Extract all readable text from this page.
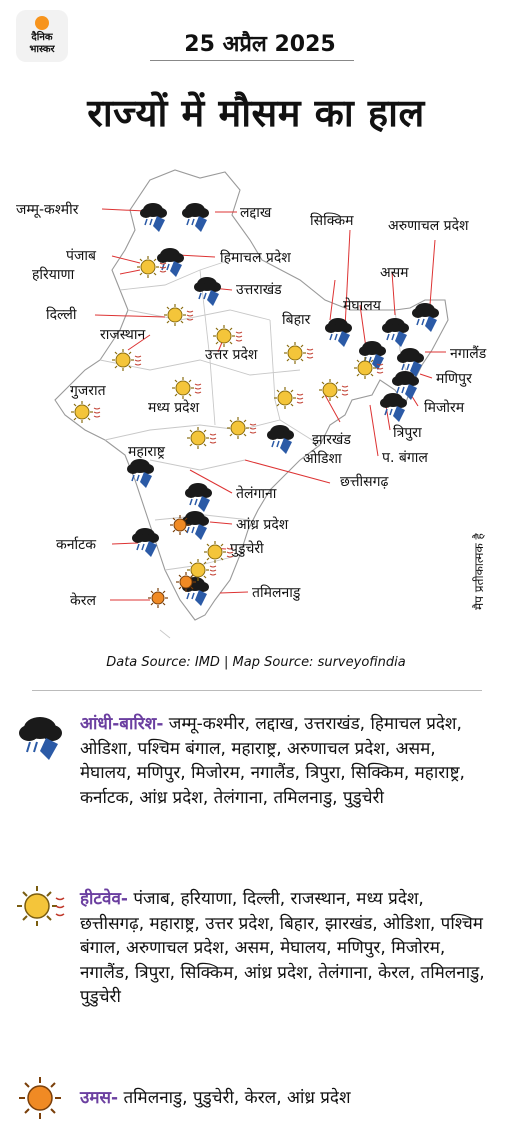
दैनिक
भास्कर	25 अप्रैल 2025
राज्यों में मौसम का हाल
जम्मू-कश्मीर	लद्दाख
पंजाब	हिमाचल प्रदेश
हरियाणा
उत्तराखंड
दिल्ली
राजस्थान
उत्तर प्रदेश
गुजरात
मध्य प्रदेश
महाराष्ट्र
झारखंड
ओडिशा
छत्तीसगढ़
तेलंगाना
आंध्र प्रदेश
कर्नाटक	पुडुचेरी
केरल	तमिलनाडु
सिक्किम अरुणाचल प्रदेश
असम
मेघालय
बिहार
नगालैंड
मणिपुर
मिजोरम
त्रिपुरा
प. बंगाल
मैप प्रतीकात्मक है
Data Source: IMD | Map Source: surveyofindia
आंधी-बारिश- जम्मू-कश्मीर, लद्दाख, उत्तराखंड, हिमाचल प्रदेश, ओडिशा, पश्चिम बंगाल, महाराष्ट्र, अरुणाचल प्रदेश, असम, मेघालय, मणिपुर, मिजोरम, नगालैंड, त्रिपुरा, सिक्किम, महाराष्ट्र, कर्नाटक, आंध्र प्रदेश, तेलंगाना, तमिलनाडु, पुडुचेरी
हीटवेव- पंजाब, हरियाणा, दिल्ली, राजस्थान, मध्य प्रदेश, छत्तीसगढ़, महाराष्ट्र, उत्तर प्रदेश, बिहार, झारखंड, ओडिशा, पश्चिम बंगाल, अरुणाचल प्रदेश, असम, मेघालय, मणिपुर, मिजोरम, नगालैंड, त्रिपुरा, सिक्किम, आंध्र प्रदेश, तेलंगाना, केरल, तमिलनाडु, पुडुचेरी
उमस- तमिलनाडु, पुडुचेरी, केरल, आंध्र प्रदेश
